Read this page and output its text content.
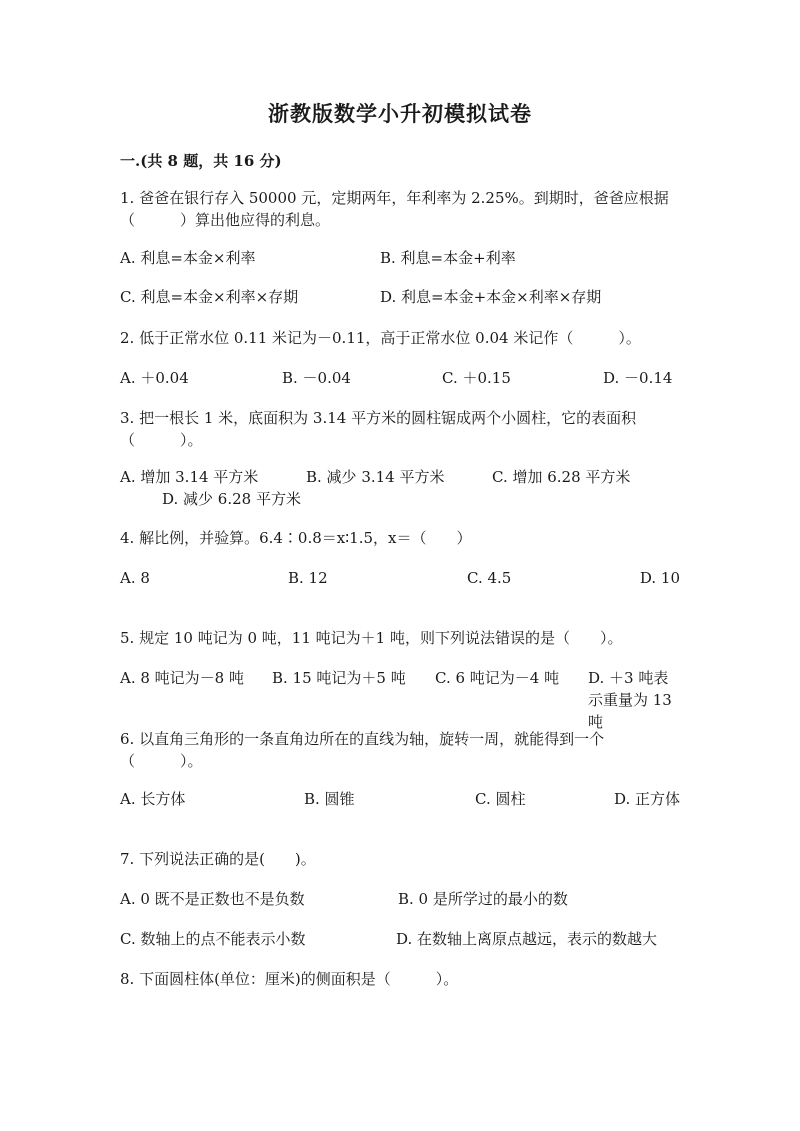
浙教版数学小升初模拟试卷
一.(共 8 题，共 16 分)
1. 爸爸在银行存入 50000 元，定期两年，年利率为 2.25%。到期时，爸爸应根据（　　　）算出他应得的利息。
A. 利息=本金×利率	B. 利息=本金+利率
C. 利息=本金×利率×存期	D. 利息=本金+本金×利率×存期
2. 低于正常水位 0.11 米记为－0.11，高于正常水位 0.04 米记作（　　　）。
A. ＋0.04	B. －0.04	C. ＋0.15	D. －0.14
3. 把一根长 1 米，底面积为 3.14 平方米的圆柱锯成两个小圆柱，它的表面积（　　　）。
A. 增加 3.14 平方米	B. 减少 3.14 平方米	C. 增加 6.28 平方米
D. 减少 6.28 平方米
4. 解比例，并验算。6.4∶0.8＝x∶1.5，x＝（　　）
A. 8	B. 12	C. 4.5	D. 10
5. 规定 10 吨记为 0 吨，11 吨记为＋1 吨，则下列说法错误的是（　　）。
A. 8 吨记为－8 吨 B. 15 吨记为＋5 吨 C. 6 吨记为－4 吨 D. ＋3 吨表示重量为 13 吨
6. 以直角三角形的一条直角边所在的直线为轴，旋转一周，就能得到一个（　　　）。
A. 长方体	B. 圆锥	C. 圆柱	D. 正方体
7. 下列说法正确的是(　　)。
A. 0 既不是正数也不是负数	B. 0 是所学过的最小的数
C. 数轴上的点不能表示小数	D. 在数轴上离原点越远，表示的数越大
8. 下面圆柱体(单位：厘米)的侧面积是（　　　）。
